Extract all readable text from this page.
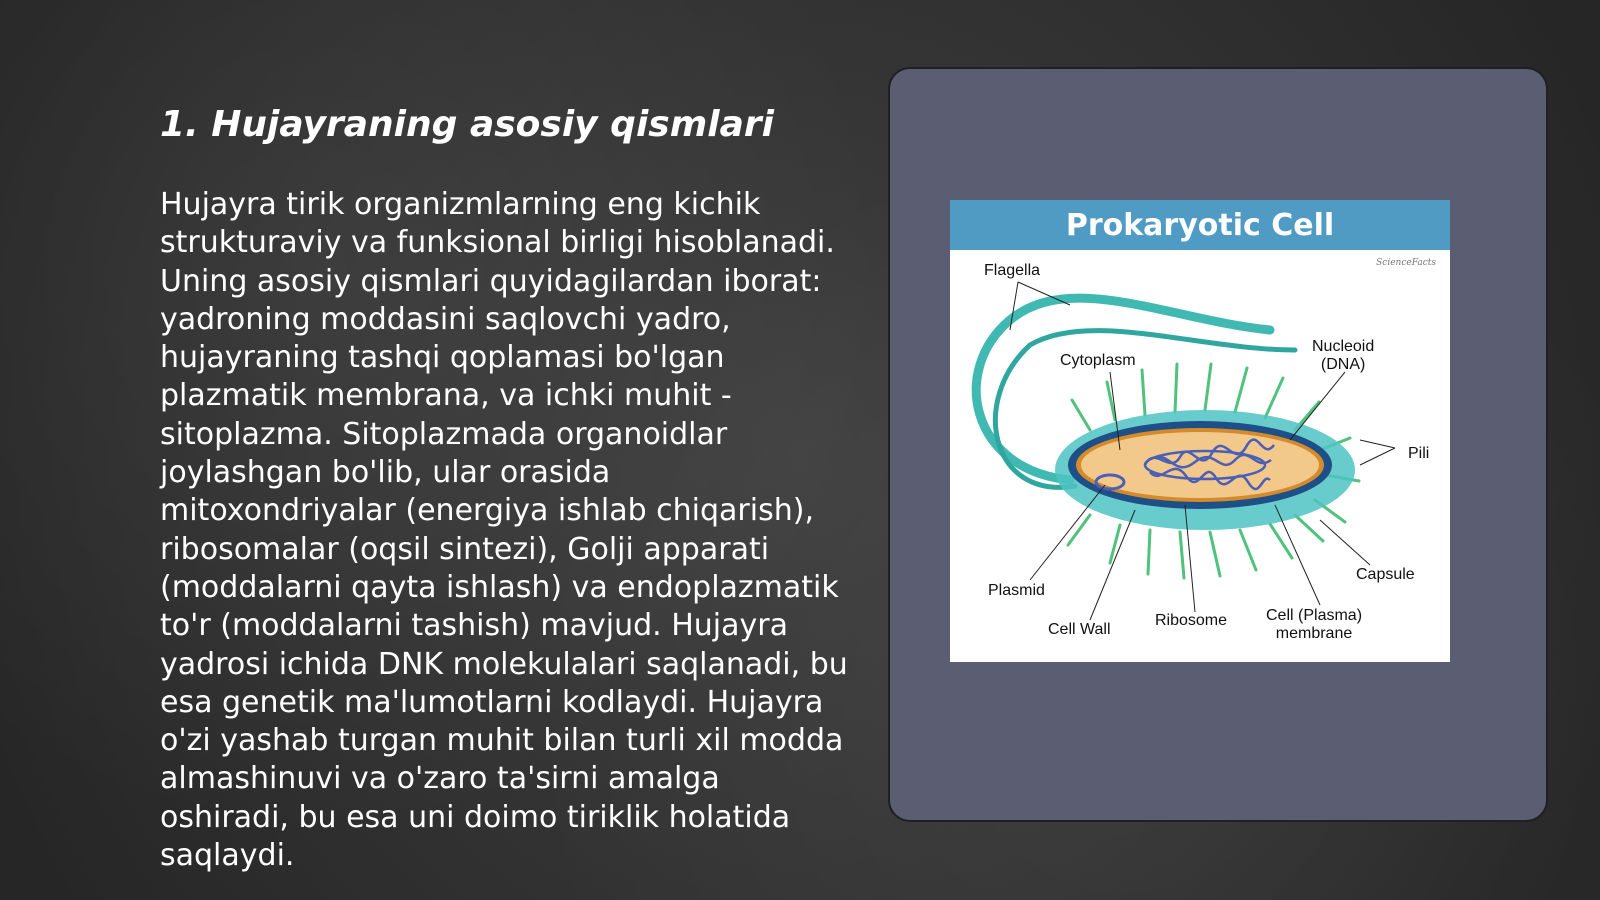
1. Hujayraning asosiy qismlari

Hujayra tirik organizmlarning eng kichik strukturaviy va funksional birligi hisoblanadi. Uning asosiy qismlari quyidagilardan iborat: yadroning moddasini saqlovchi yadro, hujayraning tashqi qoplamasi bo'lgan plazmatik membrana, va ichki muhit - sitoplazma. Sitoplazmada organoidlar joylashgan bo'lib, ular orasida mitoxondriyalar (energiya ishlab chiqarish), ribosomalar (oqsil sintezi), Golji apparati (moddalarni qayta ishlash) va endoplazmatik to'r (moddalarni tashish) mavjud. Hujayra yadrosi ichida DNK molekulalari saqlanadi, bu esa genetik ma'lumotlarni kodlaydi. Hujayra o'zi yashab turgan muhit bilan turli xil modda almashinuvi va o'zaro ta'sirni amalga oshiradi, bu esa uni doimo tiriklik holatida saqlaydi.

Prokaryotic Cell
ScienceFacts
Flagella
Cytoplasm
Nucleoid
(DNA)
Pili
Capsule
Plasmid
Cell Wall
Ribosome Cell (Plasma)
membrane
